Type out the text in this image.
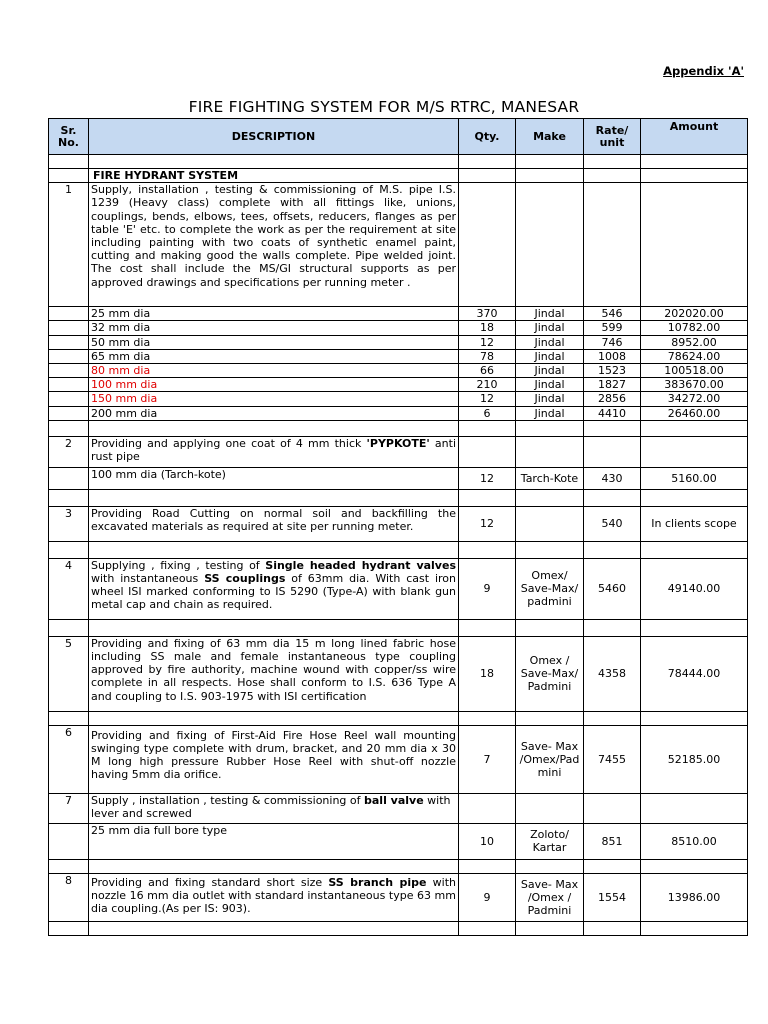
Appendix 'A'
FIRE FIGHTING SYSTEM FOR M/S RTRC, MANESAR
Sr. No.	DESCRIPTION	Qty.	Make	Rate/ unit	Amount

	FIRE HYDRANT SYSTEM				
1	Supply, installation , testing & commissioning of M.S. pipe I.S. 1239 (Heavy class) complete with all fittings like, unions, couplings, bends, elbows, tees, offsets, reducers, flanges as per table 'E' etc. to complete the work as per the requirement at site including painting with two coats of synthetic enamel paint, cutting and making good the walls complete. Pipe welded joint. The cost shall include the MS/GI structural supports as per approved drawings and specifications per running meter .				
	25 mm dia	370	Jindal	546	202020.00
	32 mm dia	18	Jindal	599	10782.00
	50 mm dia	12	Jindal	746	8952.00
	65 mm dia	78	Jindal	1008	78624.00
	80 mm dia	66	Jindal	1523	100518.00
	100 mm dia	210	Jindal	1827	383670.00
	150 mm dia	12	Jindal	2856	34272.00
	200 mm dia	6	Jindal	4410	26460.00

2	Providing and applying one coat of 4 mm thick 'PYPKOTE' anti rust pipe				
	100 mm dia (Tarch-kote)	12	Tarch-Kote	430	5160.00

3	Providing Road Cutting on normal soil and backfilling the excavated materials as required at site per running meter.	12		540	In clients scope

4	Supplying , fixing , testing of Single headed hydrant valves with instantaneous SS couplings of 63mm dia. With cast iron wheel ISI marked conforming to IS 5290 (Type-A) with blank gun metal cap and chain as required.	9	Omex/ Save-Max/ padmini	5460	49140.00

5	Providing and fixing of 63 mm dia 15 m long lined fabric hose including SS male and female instantaneous type coupling approved by fire authority, machine wound with copper/ss wire complete in all respects. Hose shall conform to I.S. 636 Type A and coupling to I.S. 903-1975 with ISI certification	18	Omex / Save-Max/ Padmini	4358	78444.00

6	Providing and fixing of First-Aid Fire Hose Reel wall mounting swinging type complete with drum, bracket, and 20 mm dia x 30 M long high pressure Rubber Hose Reel with shut-off nozzle having 5mm dia orifice.	7	Save- Max /Omex/Pad mini	7455	52185.00
7	Supply , installation , testing & commissioning of ball valve with lever and screwed				
	25 mm dia full bore type	10	Zoloto/ Kartar	851	8510.00

8	Providing and fixing standard short size SS branch pipe with nozzle 16 mm dia outlet with standard instantaneous type 63 mm dia coupling.(As per IS: 903).	9	Save- Max /Omex / Padmini	1554	13986.00
